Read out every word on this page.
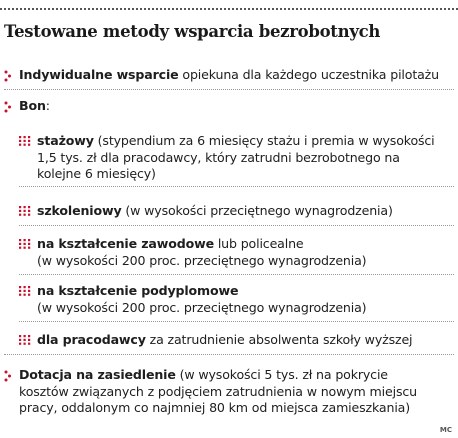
Testowane metody wsparcia bezrobotnych
Indywidualne wsparcie opiekuna dla każdego uczestnika pilotażu
Bon:
stażowy (stypendium za 6 miesięcy stażu i premia w wysokości
1,5 tys. zł dla pracodawcy, który zatrudni bezrobotnego na
kolejne 6 miesięcy)
szkoleniowy (w wysokości przeciętnego wynagrodzenia)
na kształcenie zawodowe lub policealne
(w wysokości 200 proc. przeciętnego wynagrodzenia)
na kształcenie podyplomowe
(w wysokości 200 proc. przeciętnego wynagrodzenia)
dla pracodawcy za zatrudnienie absolwenta szkoły wyższej
Dotacja na zasiedlenie (w wysokości 5 tys. zł na pokrycie
kosztów związanych z podjęciem zatrudnienia w nowym miejscu
pracy, oddalonym co najmniej 80 km od miejsca zamieszkania)
MC
